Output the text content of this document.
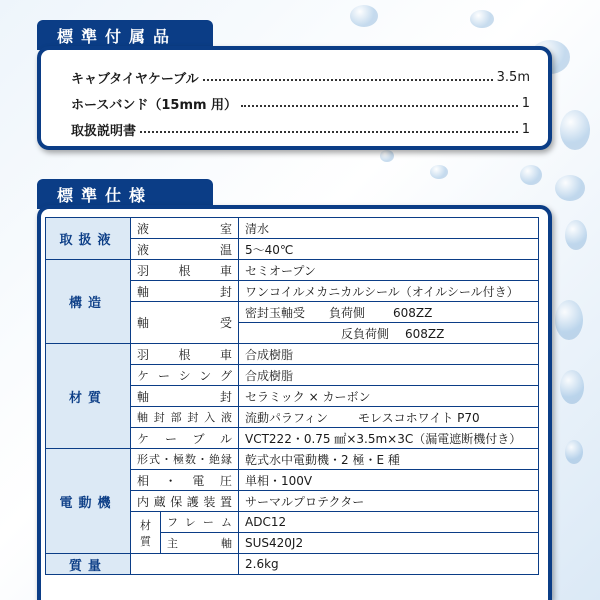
標準付属品
キャブタイヤケーブル	3.5m
ホースバンド（15mm 用）	1
取扱説明書	1
標準仕様
取扱液	液室		清水
	液温		5～40℃
構造	羽根車		セミオープン
	軸封		ワンコイルメカニカルシール（オイルシール付き）
	軸受		密封玉軸受 負荷側 608ZZ
			反負荷側 608ZZ
材質	羽根車		合成樹脂
	ケーシング		合成樹脂
	軸封		セラミック × カーボン
	軸封部封入液		流動パラフィン モレスコホワイト P70
	ケーブル		VCT222・0.75 ㎟×3.5m×3C（漏電遮断機付き）
電動機	形式・極数・絶縁		乾式水中電動機・2 極・E 種
	相・電圧		単相・100V
	内蔵保護装置		サーマルプロテクター
	材質	フレーム	ADC12
		主軸	SUS420J2
質量			2.6kg
